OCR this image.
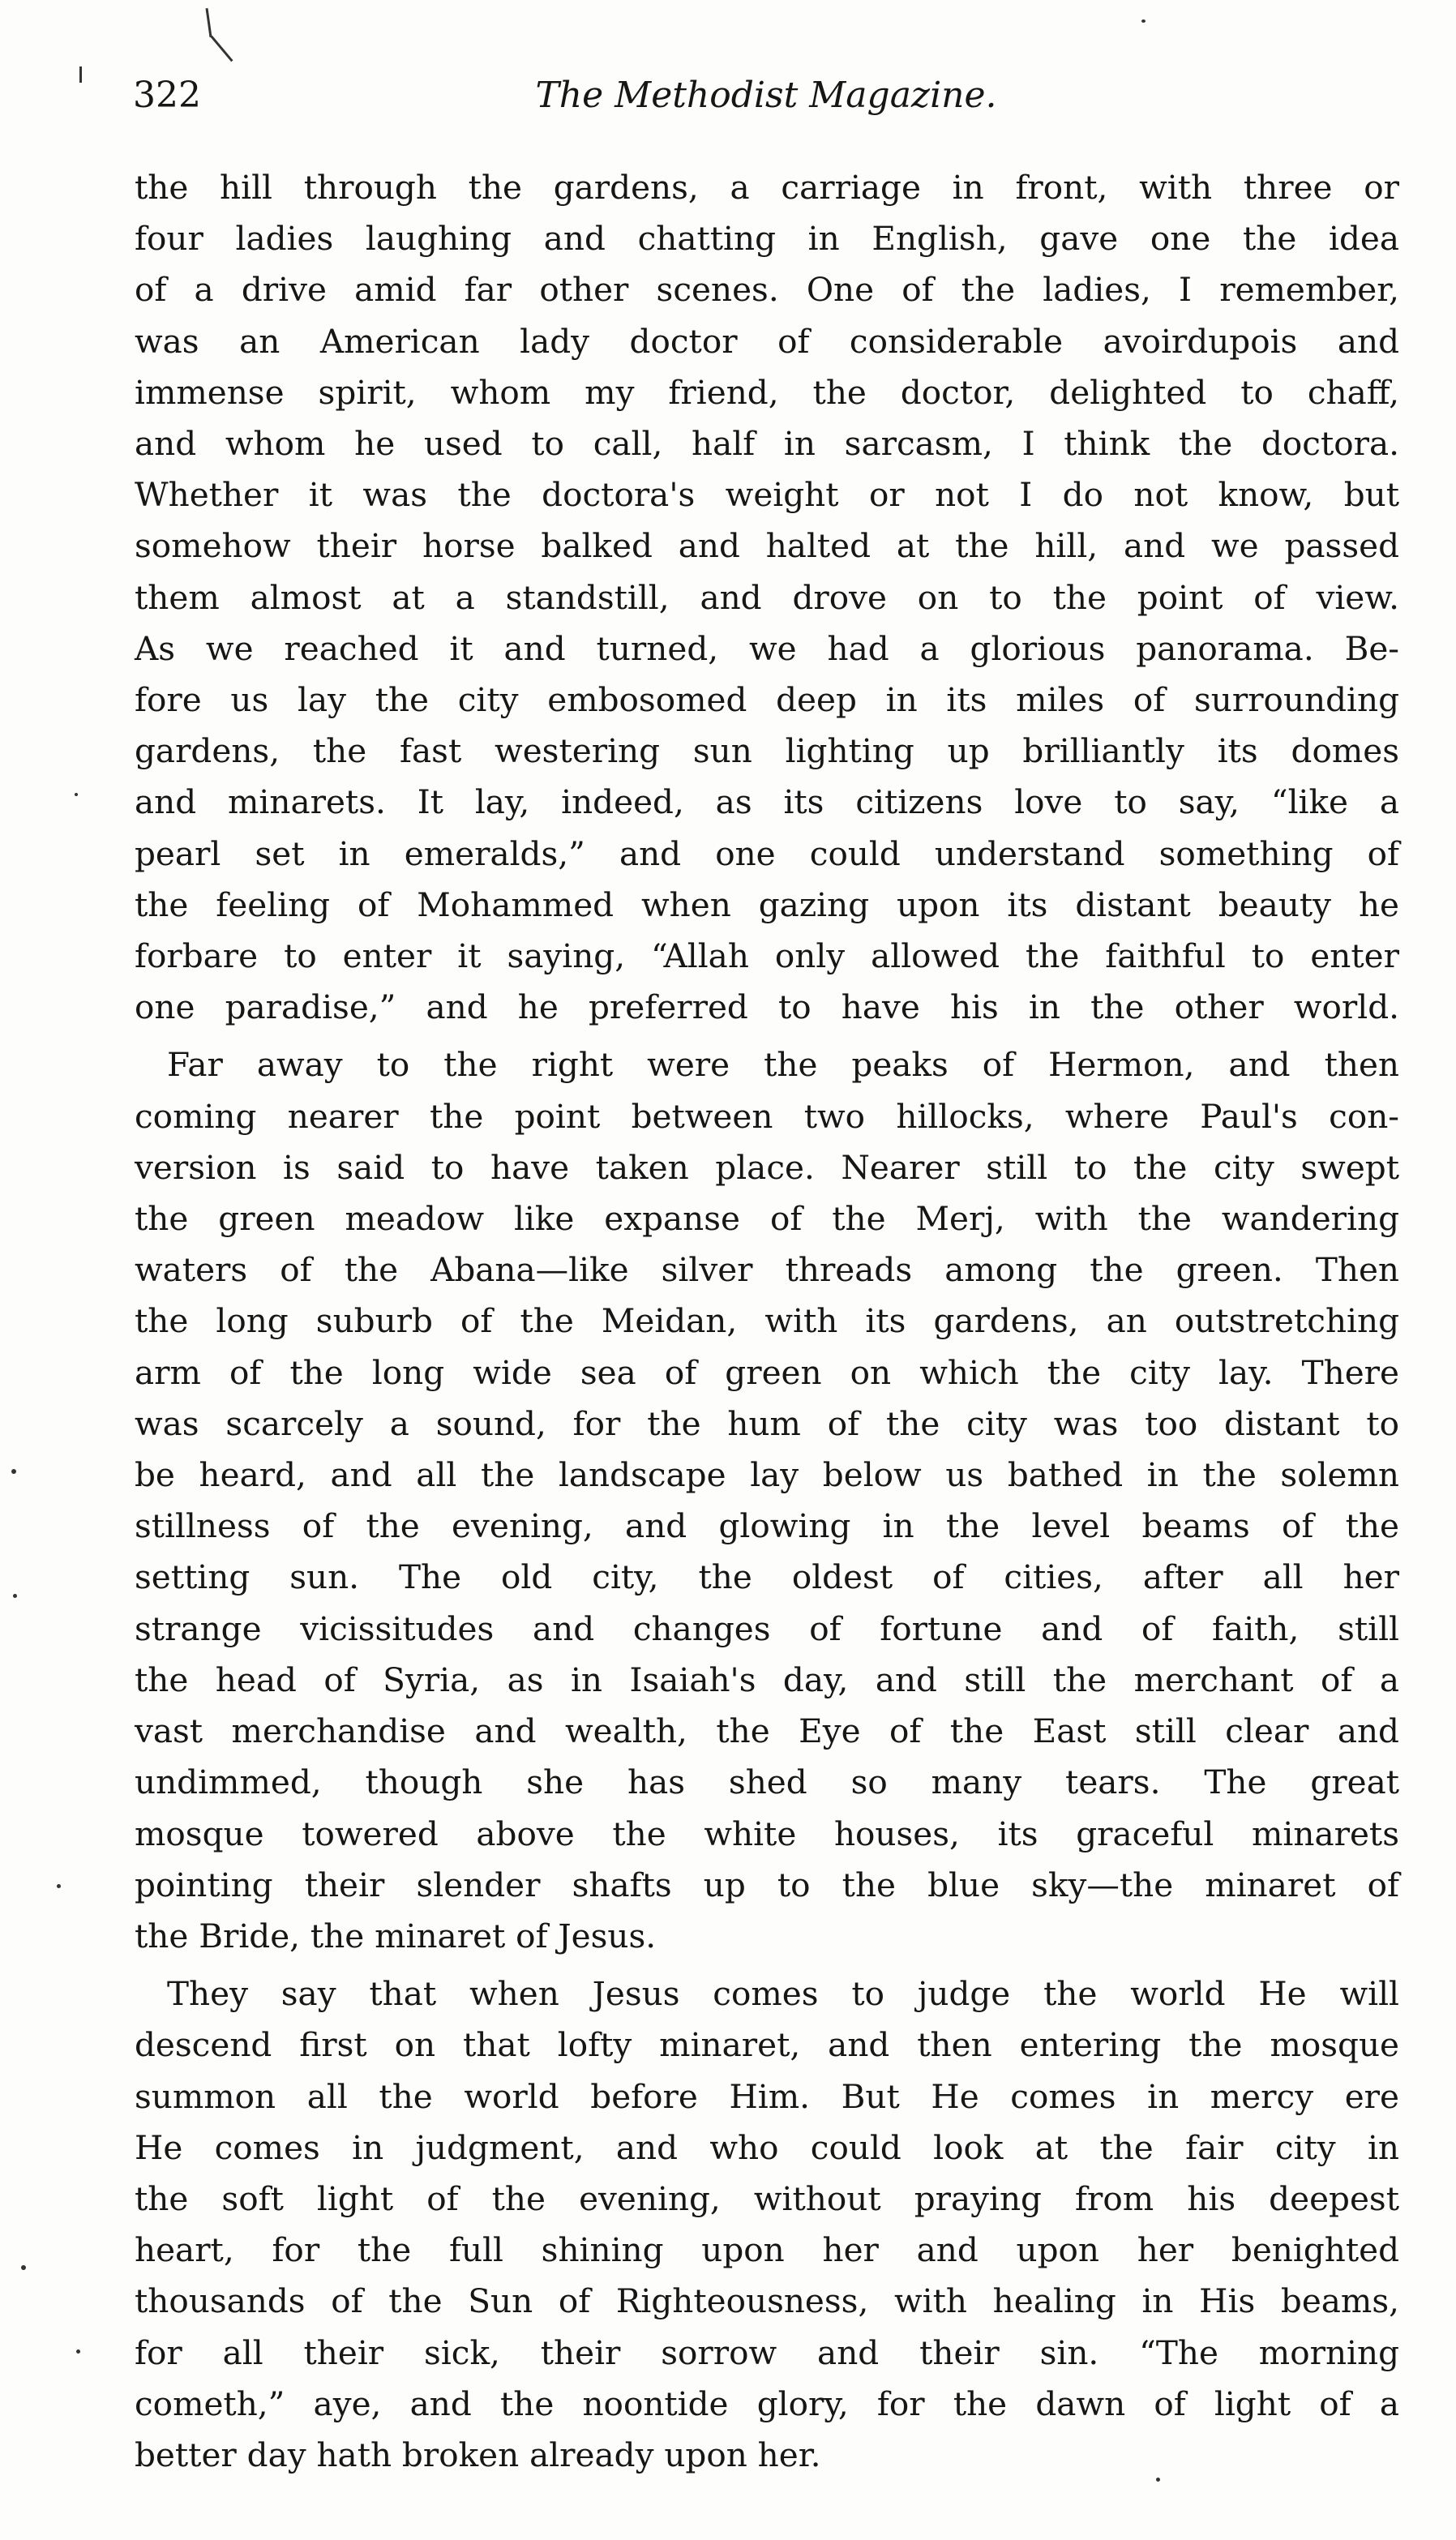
322	The Methodist Magazine.
the hill through the gardens, a carriage in front, with three or
four ladies laughing and chatting in English, gave one the idea
of a drive amid far other scenes. One of the ladies, I remember,
was an American lady doctor of considerable avoirdupois and
immense spirit, whom my friend, the doctor, delighted to chaff,
and whom he used to call, half in sarcasm, I think the doctora.
Whether it was the doctora's weight or not I do not know, but
somehow their horse balked and halted at the hill, and we passed
them almost at a standstill, and drove on to the point of view.
As we reached it and turned, we had a glorious panorama. Be-
fore us lay the city embosomed deep in its miles of surrounding
gardens, the fast westering sun lighting up brilliantly its domes
and minarets. It lay, indeed, as its citizens love to say, “like a
pearl set in emeralds,” and one could understand something of
the feeling of Mohammed when gazing upon its distant beauty he
forbare to enter it saying, “Allah only allowed the faithful to enter
one paradise,” and he preferred to have his in the other world.
Far away to the right were the peaks of Hermon, and then
coming nearer the point between two hillocks, where Paul's con-
version is said to have taken place. Nearer still to the city swept
the green meadow like expanse of the Merj, with the wandering
waters of the Abana—like silver threads among the green. Then
the long suburb of the Meidan, with its gardens, an outstretching
arm of the long wide sea of green on which the city lay. There
was scarcely a sound, for the hum of the city was too distant to
be heard, and all the landscape lay below us bathed in the solemn
stillness of the evening, and glowing in the level beams of the
setting sun. The old city, the oldest of cities, after all her
strange vicissitudes and changes of fortune and of faith, still
the head of Syria, as in Isaiah's day, and still the merchant of a
vast merchandise and wealth, the Eye of the East still clear and
undimmed, though she has shed so many tears. The great
mosque towered above the white houses, its graceful minarets
pointing their slender shafts up to the blue sky—the minaret of
the Bride, the minaret of Jesus.
They say that when Jesus comes to judge the world He will
descend first on that lofty minaret, and then entering the mosque
summon all the world before Him. But He comes in mercy ere
He comes in judgment, and who could look at the fair city in
the soft light of the evening, without praying from his deepest
heart, for the full shining upon her and upon her benighted
thousands of the Sun of Righteousness, with healing in His beams,
for all their sick, their sorrow and their sin. “The morning
cometh,” aye, and the noontide glory, for the dawn of light of a
better day hath broken already upon her.
